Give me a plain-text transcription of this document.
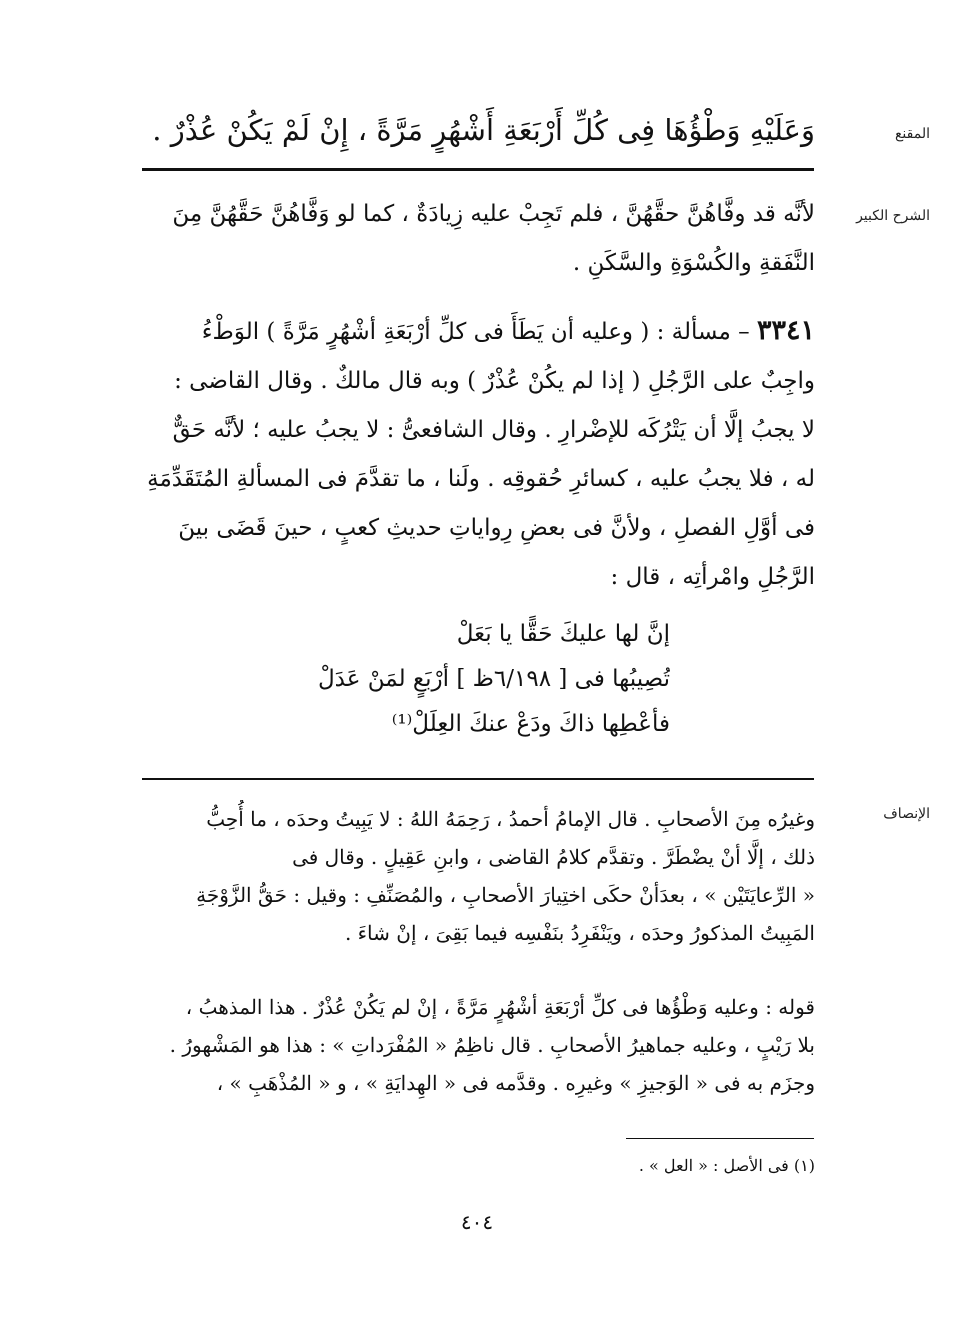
المقنع
وَعَلَيْهِ وَطْؤُهَا فِى كُلِّ أَرْبَعَةِ أَشْهُرٍ مَرَّةً ، إِنْ لَمْ يَكُنْ عُذْرٌ .
الشرح الكبير
لأنَّه قد وفَّاهُنَّ حقَّهُنَّ ، فلم تَجِبْ عليه زِيادَةٌ ، كما لو وَفَّاهُنَّ حَقَّهُنَّ مِنَ
النَّفَقةِ والكُسْوَةِ والسَّكَنِ .
٣٣٤١ – مسألة : ( وعليه أن يَطَأَ فى كلِّ أرْبَعَةِ أشْهُرٍ مَرَّةً ) الوَطْءُ
واجِبٌ على الرَّجُلِ ( إذا لم يكُنْ عُذْرٌ ) وبه قال مالكٌ . وقال القاضى :
لا يجبُ إلَّا أن يَتْرُكَه للإضْرارِ . وقال الشافعىُّ : لا يجبُ عليه ؛ لأنَّه حَقٌّ
له ، فلا يجبُ عليه ، كسائرِ حُقوقِه . ولَنا ، ما تقدَّمَ فى المسألةِ المُتَقَدِّمَةِ
فى أوَّلِ الفصلِ ، ولأنَّ فى بعضِ رِواياتِ حديثِ كعبٍ ، حينَ قَضَى بينَ
الرَّجُلِ وامْرأتِه ، قال :
إنَّ لها عليكَ حَقًّا يا بَعَلْ
تُصِيبُها فى [ ٦/١٩٨ظ ] أرْبَعٍ لمَنْ عَدَلْ
فأعْطِها ذاكَ ودَعْ عنكَ العِلَلْ⁽¹⁾
الإنصاف
وغيرُه مِنَ الأصحابِ . قال الإمامُ أحمدُ ، رَحِمَهُ اللهُ : لا يَبِيتُ وحدَه ، ما أُحِبُّ
ذلك ، إلَّا أنْ يضْطَرَّ . وتقدَّم كلامُ القاضى ، وابنِ عَقِيلٍ . وقال فى
« الرِّعايَتَيْن » ، بعدَأنْ حكَى اختِيارَ الأصحابِ ، والمُصَنِّفِ : وقيل : حَقُّ الزَّوْجَةِ
المَبِيتُ المذكورُ وحدَه ، ويَنْفَرِدُ بنَفْسِه فيما بَقِىَ ، إنْ شاءَ .
قوله : وعليه وَطْؤُها فى كلِّ أرْبَعَةِ أشْهُرٍ مَرَّةً ، إنْ لم يَكُنْ عُذْرٌ . هذا المذهبُ ،
بلا رَيْبٍ ، وعليه جماهيرُ الأصحابِ . قال ناظِمُ « المُفْرَداتِ » : هذا هو المَشْهورُ .
وجزَم به فى « الوَجيزِ » وغيرِه . وقدَّمه فى « الهِدايَةِ » ، و « المُذْهَبِ » ،
(١) فى الأصل : « العل » .
٤٠٤
